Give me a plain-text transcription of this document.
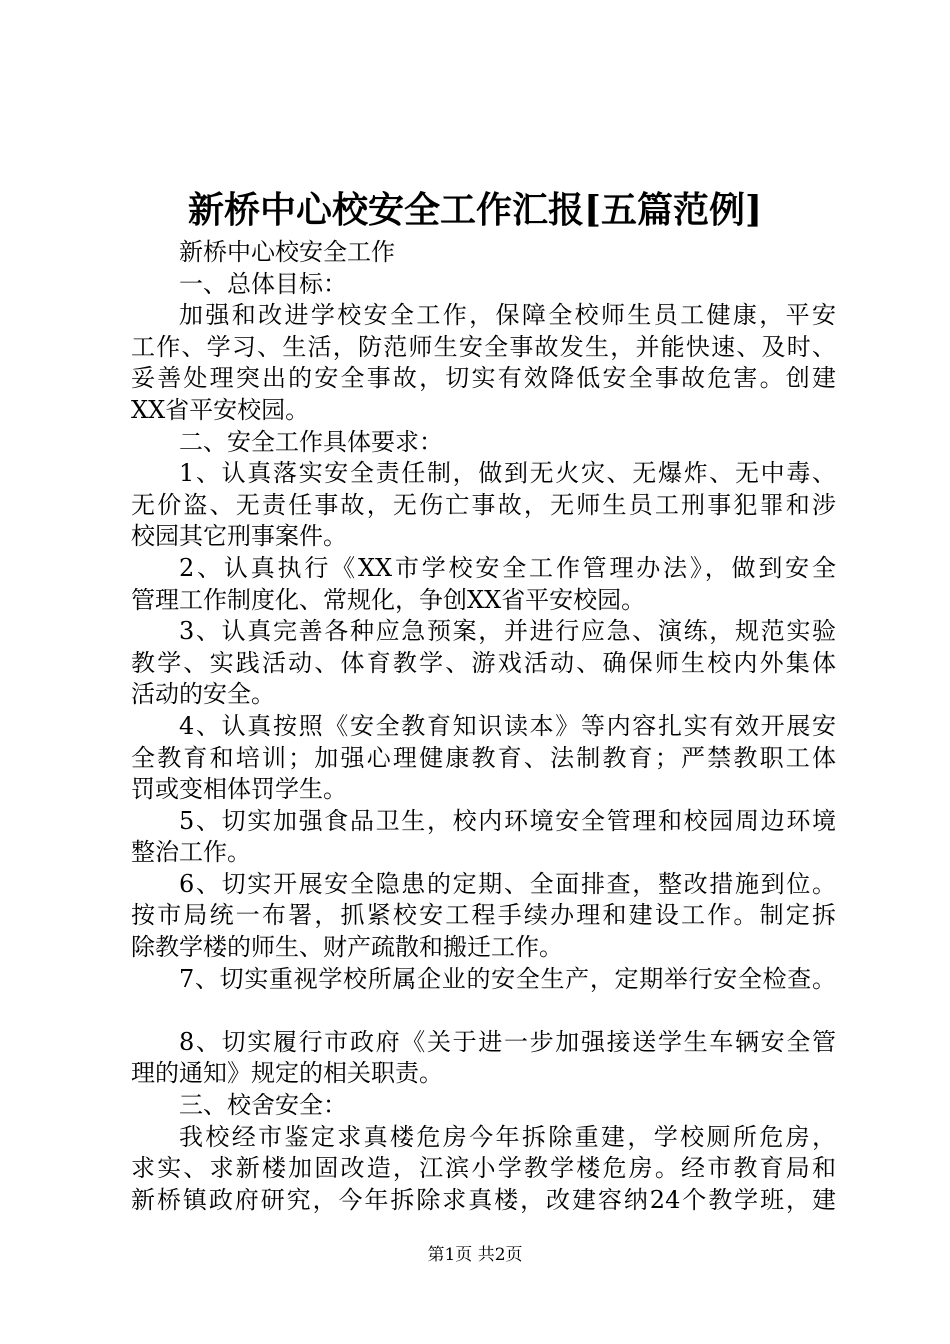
新桥中心校安全工作汇报[五篇范例]
新桥中心校安全工作
一、总体目标：
加强和改进学校安全工作，保障全校师生员工健康，平安
工作、学习、生活，防范师生安全事故发生，并能快速、及时、
妥善处理突出的安全事故，切实有效降低安全事故危害。创建
XX省平安校园。
二、安全工作具体要求：
1、认真落实安全责任制，做到无火灾、无爆炸、无中毒、
无价盗、无责任事故，无伤亡事故，无师生员工刑事犯罪和涉
校园其它刑事案件。
2、认真执行《XX市学校安全工作管理办法》，做到安全
管理工作制度化、常规化，争创XX省平安校园。
3、认真完善各种应急预案，并进行应急、演练，规范实验
教学、实践活动、体育教学、游戏活动、确保师生校内外集体
活动的安全。
4、认真按照《安全教育知识读本》等内容扎实有效开展安
全教育和培训；加强心理健康教育、法制教育；严禁教职工体
罚或变相体罚学生。
5、切实加强食品卫生，校内环境安全管理和校园周边环境
整治工作。
6、切实开展安全隐患的定期、全面排查，整改措施到位。
按市局统一布署，抓紧校安工程手续办理和建设工作。制定拆
除教学楼的师生、财产疏散和搬迁工作。
7、切实重视学校所属企业的安全生产，定期举行安全检查。
8、切实履行市政府《关于进一步加强接送学生车辆安全管
理的通知》规定的相关职责。
三、校舍安全：
我校经市鉴定求真楼危房今年拆除重建，学校厕所危房，
求实、求新楼加固改造，江滨小学教学楼危房。经市教育局和
新桥镇政府研究，今年拆除求真楼，改建容纳24个教学班，建
第1页 共2页
